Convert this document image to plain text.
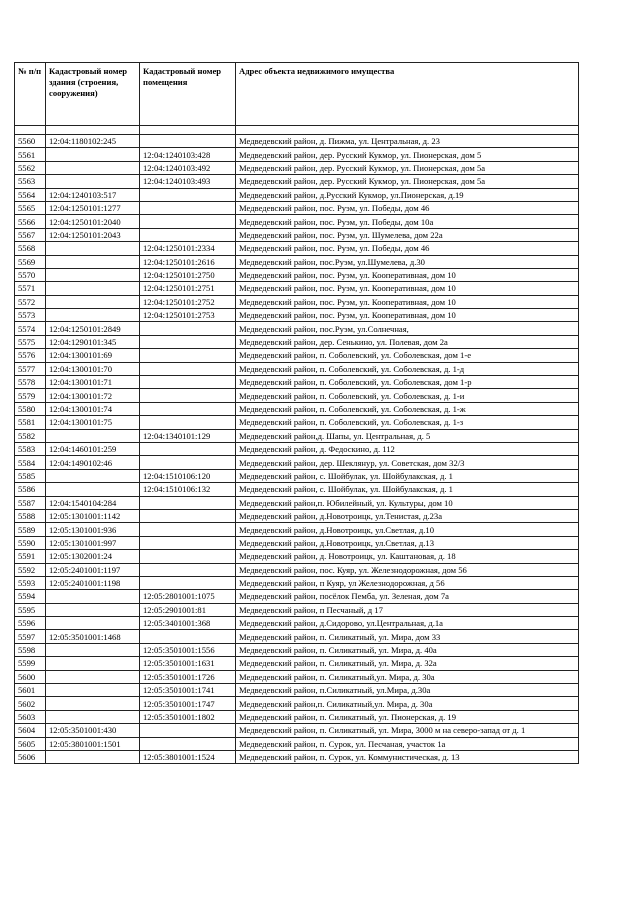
№ п/п	Кадастровый номер здания (строения, сооружения)	Кадастровый номер помещения	Адрес объекта недвижимого имущества

5560	12:04:1180102:245		Медведевский район, д. Пижма, ул. Центральная, д. 23
5561		12:04:1240103:428	Медведевский район, дер. Русский Кукмор, ул. Пионерская, дом 5
5562		12:04:1240103:492	Медведевский район, дер. Русский Кукмор, ул. Пионерская, дом 5а
5563		12:04:1240103:493	Медведевский район, дер. Русский Кукмор, ул. Пионерская, дом 5а
5564	12:04:1240103:517		Медведевский район, д.Русский Кукмор, ул.Пионерская, д.19
5565	12:04:1250101:1277		Медведевский район, пос. Руэм, ул. Победы, дом 46
5566	12:04:1250101:2040		Медведевский район, пос. Руэм, ул. Победы, дом 10а
5567	12:04:1250101:2043		Медведевский район, пос. Руэм, ул. Шумелева, дом 22а
5568		12:04:1250101:2334	Медведевский район, пос. Руэм, ул. Победы, дом 46
5569		12:04:1250101:2616	Медведевский район, пос.Руэм, ул.Шумелева, д.30
5570		12:04:1250101:2750	Медведевский район, пос. Руэм, ул. Кооперативная, дом 10
5571		12:04:1250101:2751	Медведевский район, пос. Руэм, ул. Кооперативная, дом 10
5572		12:04:1250101:2752	Медведевский район, пос. Руэм, ул. Кооперативная, дом 10
5573		12:04:1250101:2753	Медведевский район, пос. Руэм, ул. Кооперативная, дом 10
5574	12:04:1250101:2849		Медведевский район, пос.Руэм, ул.Солнечная,
5575	12:04:1290101:345		Медведевский район, дер. Сенькино, ул. Полевая, дом 2а
5576	12:04:1300101:69		Медведевский район, п. Соболевский, ул. Соболевская, дом 1-е
5577	12:04:1300101:70		Медведевский район, п. Соболевский, ул. Соболевская, д. 1-д
5578	12:04:1300101:71		Медведевский район, п. Соболевский, ул. Соболевская, дом 1-р
5579	12:04:1300101:72		Медведевский район, п. Соболевский, ул. Соболевская, д. 1-и
5580	12:04:1300101:74		Медведевский район, п. Соболевский, ул. Соболевская, д. 1-ж
5581	12:04:1300101:75		Медведевский район, п. Соболевский, ул. Соболевская, д. 1-з
5582		12:04:1340101:129	Медведевский район,д. Шапы, ул. Центральная, д. 5
5583	12:04:1460101:259		Медведевский район, д. Федоскино, д. 112
5584	12:04:1490102:46		Медведевский район, дер. Шеклянур, ул. Советская, дом 32/3
5585		12:04:1510106:120	Медведевский район, с. Шойбулак, ул. Шойбулакская, д. 1
5586		12:04:1510106:132	Медведевский район, с. Шойбулак, ул. Шойбулакская, д. 1
5587	12:04:1540104:284		Медведевский район,п. Юбилейный, ул. Культуры, дом 10
5588	12:05:1301001:1142		Медведевский район, д.Новотроицк, ул.Тенистая, д.23а
5589	12:05:1301001:936		Медведевский район, д.Новотроицк, ул.Светлая, д.10
5590	12:05:1301001:997		Медведевский район, д.Новотроицк, ул.Светлая, д.13
5591	12:05:1302001:24		Медведевский район, д. Новотроицк, ул. Каштановая, д. 18
5592	12:05:2401001:1197		Медведевский район, пос. Куяр, ул. Железнодорожная, дом 56
5593	12:05:2401001:1198		Медведевский район, п Куяр, ул Железнодорожная, д 56
5594		12:05:2801001:1075	Медведевский район, посёлок Пемба, ул. Зеленая, дом 7а
5595		12:05:2901001:81	Медведевский район, п Песчаный, д 17
5596		12:05:3401001:368	Медведевский район, д.Сидорово, ул.Центральная, д.1а
5597	12:05:3501001:1468		Медведевский район, п. Силикатный, ул. Мира, дом 33
5598		12:05:3501001:1556	Медведевский район, п. Силикатный, ул. Мира, д. 40а
5599		12:05:3501001:1631	Медведевский район, п. Силикатный, ул. Мира, д. 32а
5600		12:05:3501001:1726	Медведевский район, п. Силикатный,ул. Мира, д. 30а
5601		12:05:3501001:1741	Медведевский район, п.Силикатный, ул.Мира, д.30а
5602		12:05:3501001:1747	Медведевский район,п. Силикатный,ул. Мира, д. 30а
5603		12:05:3501001:1802	Медведевский район, п. Силикатный, ул. Пионерская, д. 19
5604	12:05:3501001:430		Медведевский район, п. Силикатный, ул. Мира, 3000 м на северо-запад от д. 1
5605	12:05:3801001:1501		Медведевский район, п. Сурок, ул. Песчаная, участок 1а
5606		12:05:3801001:1524	Медведевский район, п. Сурок, ул. Коммунистическая, д. 13
